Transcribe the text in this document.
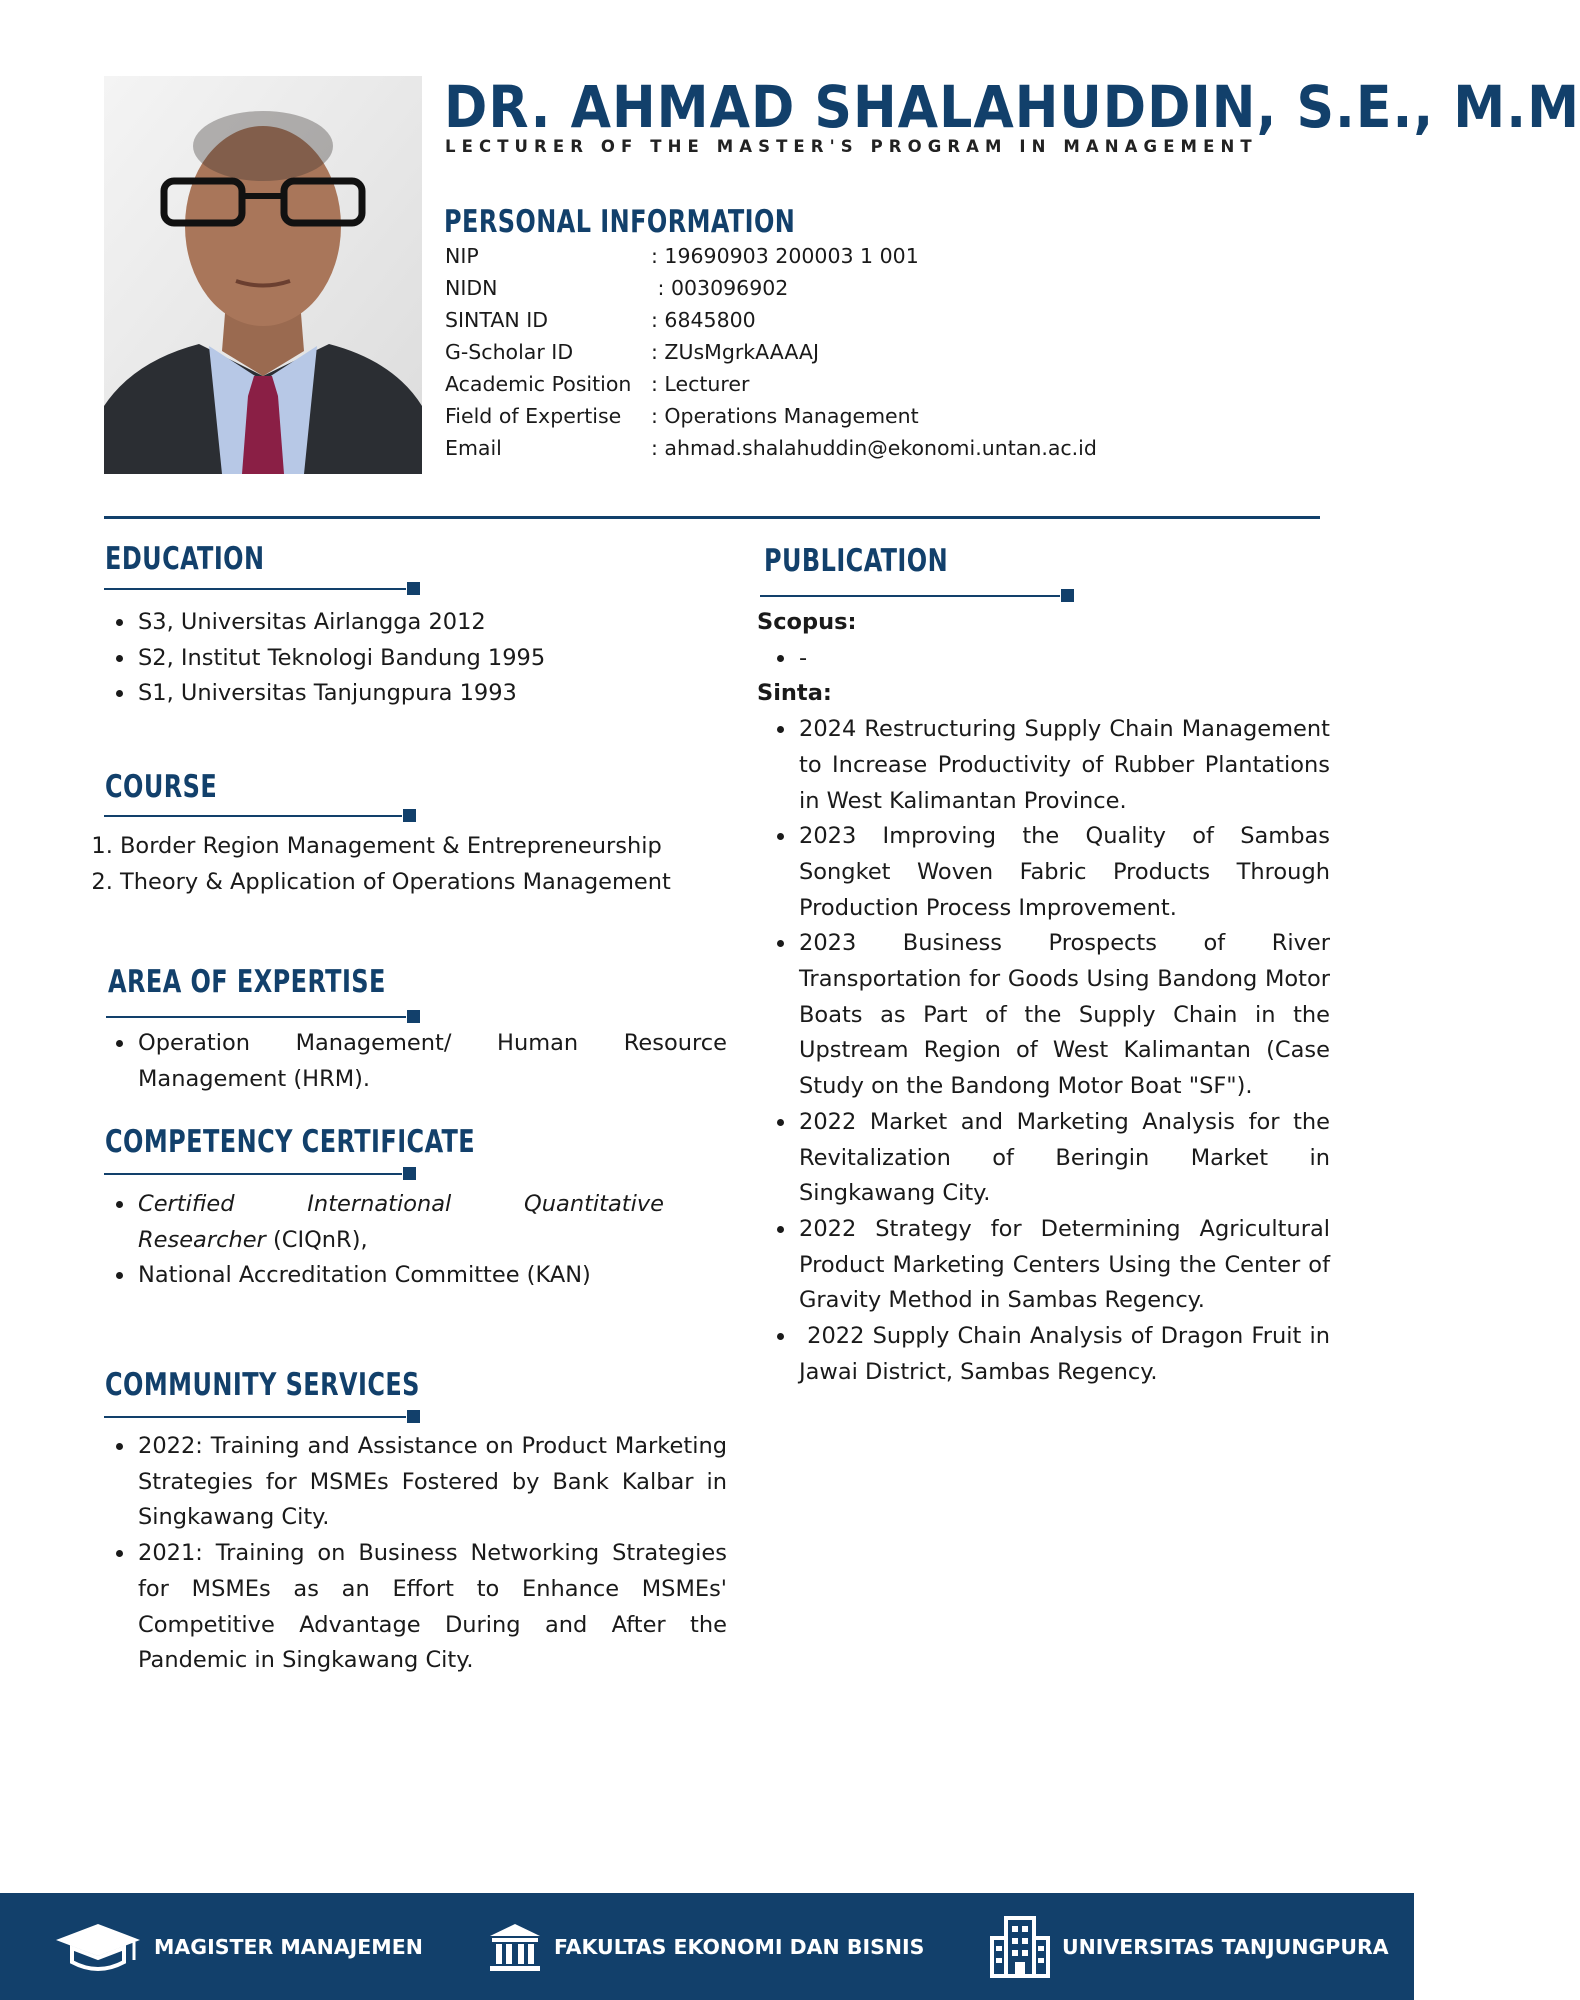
DR. AHMAD SHALAHUDDIN, S.E., M.M
LECTURER OF THE MASTER'S PROGRAM IN MANAGEMENT
PERSONAL INFORMATION
NIP	: 19690903 200003 1 001
NIDN	: 003096902
SINTAN ID	: 6845800
G-Scholar ID	: ZUsMgrkAAAAJ
Academic Position : Lecturer
Field of Expertise : Operations Management
Email	: ahmad.shalahuddin@ekonomi.untan.ac.id
EDUCATION
• S3, Universitas Airlangga 2012
• S2, Institut Teknologi Bandung 1995
• S1, Universitas Tanjungpura 1993
COURSE
1. Border Region Management & Entrepreneurship
2. Theory & Application of Operations Management
AREA OF EXPERTISE
• Operation Management/ Human Resource Management (HRM).
COMPETENCY CERTIFICATE
• Certified International Quantitative Researcher (CIQnR),
• National Accreditation Committee (KAN)
COMMUNITY SERVICES
• 2022: Training and Assistance on Product Marketing Strategies for MSMEs Fostered by Bank Kalbar in Singkawang City.
• 2021: Training on Business Networking Strategies for MSMEs as an Effort to Enhance MSMEs' Competitive Advantage During and After the Pandemic in Singkawang City.
PUBLICATION

Scopus:

• -

Sinta:

• 2024 Restructuring Supply Chain Management to Increase Productivity of Rubber Plantations in West Kalimantan Province.
• 2023 Improving the Quality of Sambas Songket Woven Fabric Products Through Production Process Improvement.
• 2023 Business Prospects of River Transportation for Goods Using Bandong Motor Boats as Part of the Supply Chain in the Upstream Region of West Kalimantan (Case Study on the Bandong Motor Boat "SF").
• 2022 Market and Marketing Analysis for the Revitalization of Beringin Market in Singkawang City.
• 2022 Strategy for Determining Agricultural Product Marketing Centers Using the Center of Gravity Method in Sambas Regency.
•  2022 Supply Chain Analysis of Dragon Fruit in Jawai District, Sambas Regency.
MAGISTER MANAJEMEN	FAKULTAS EKONOMI DAN BISNIS	UNIVERSITAS TANJUNGPURA
